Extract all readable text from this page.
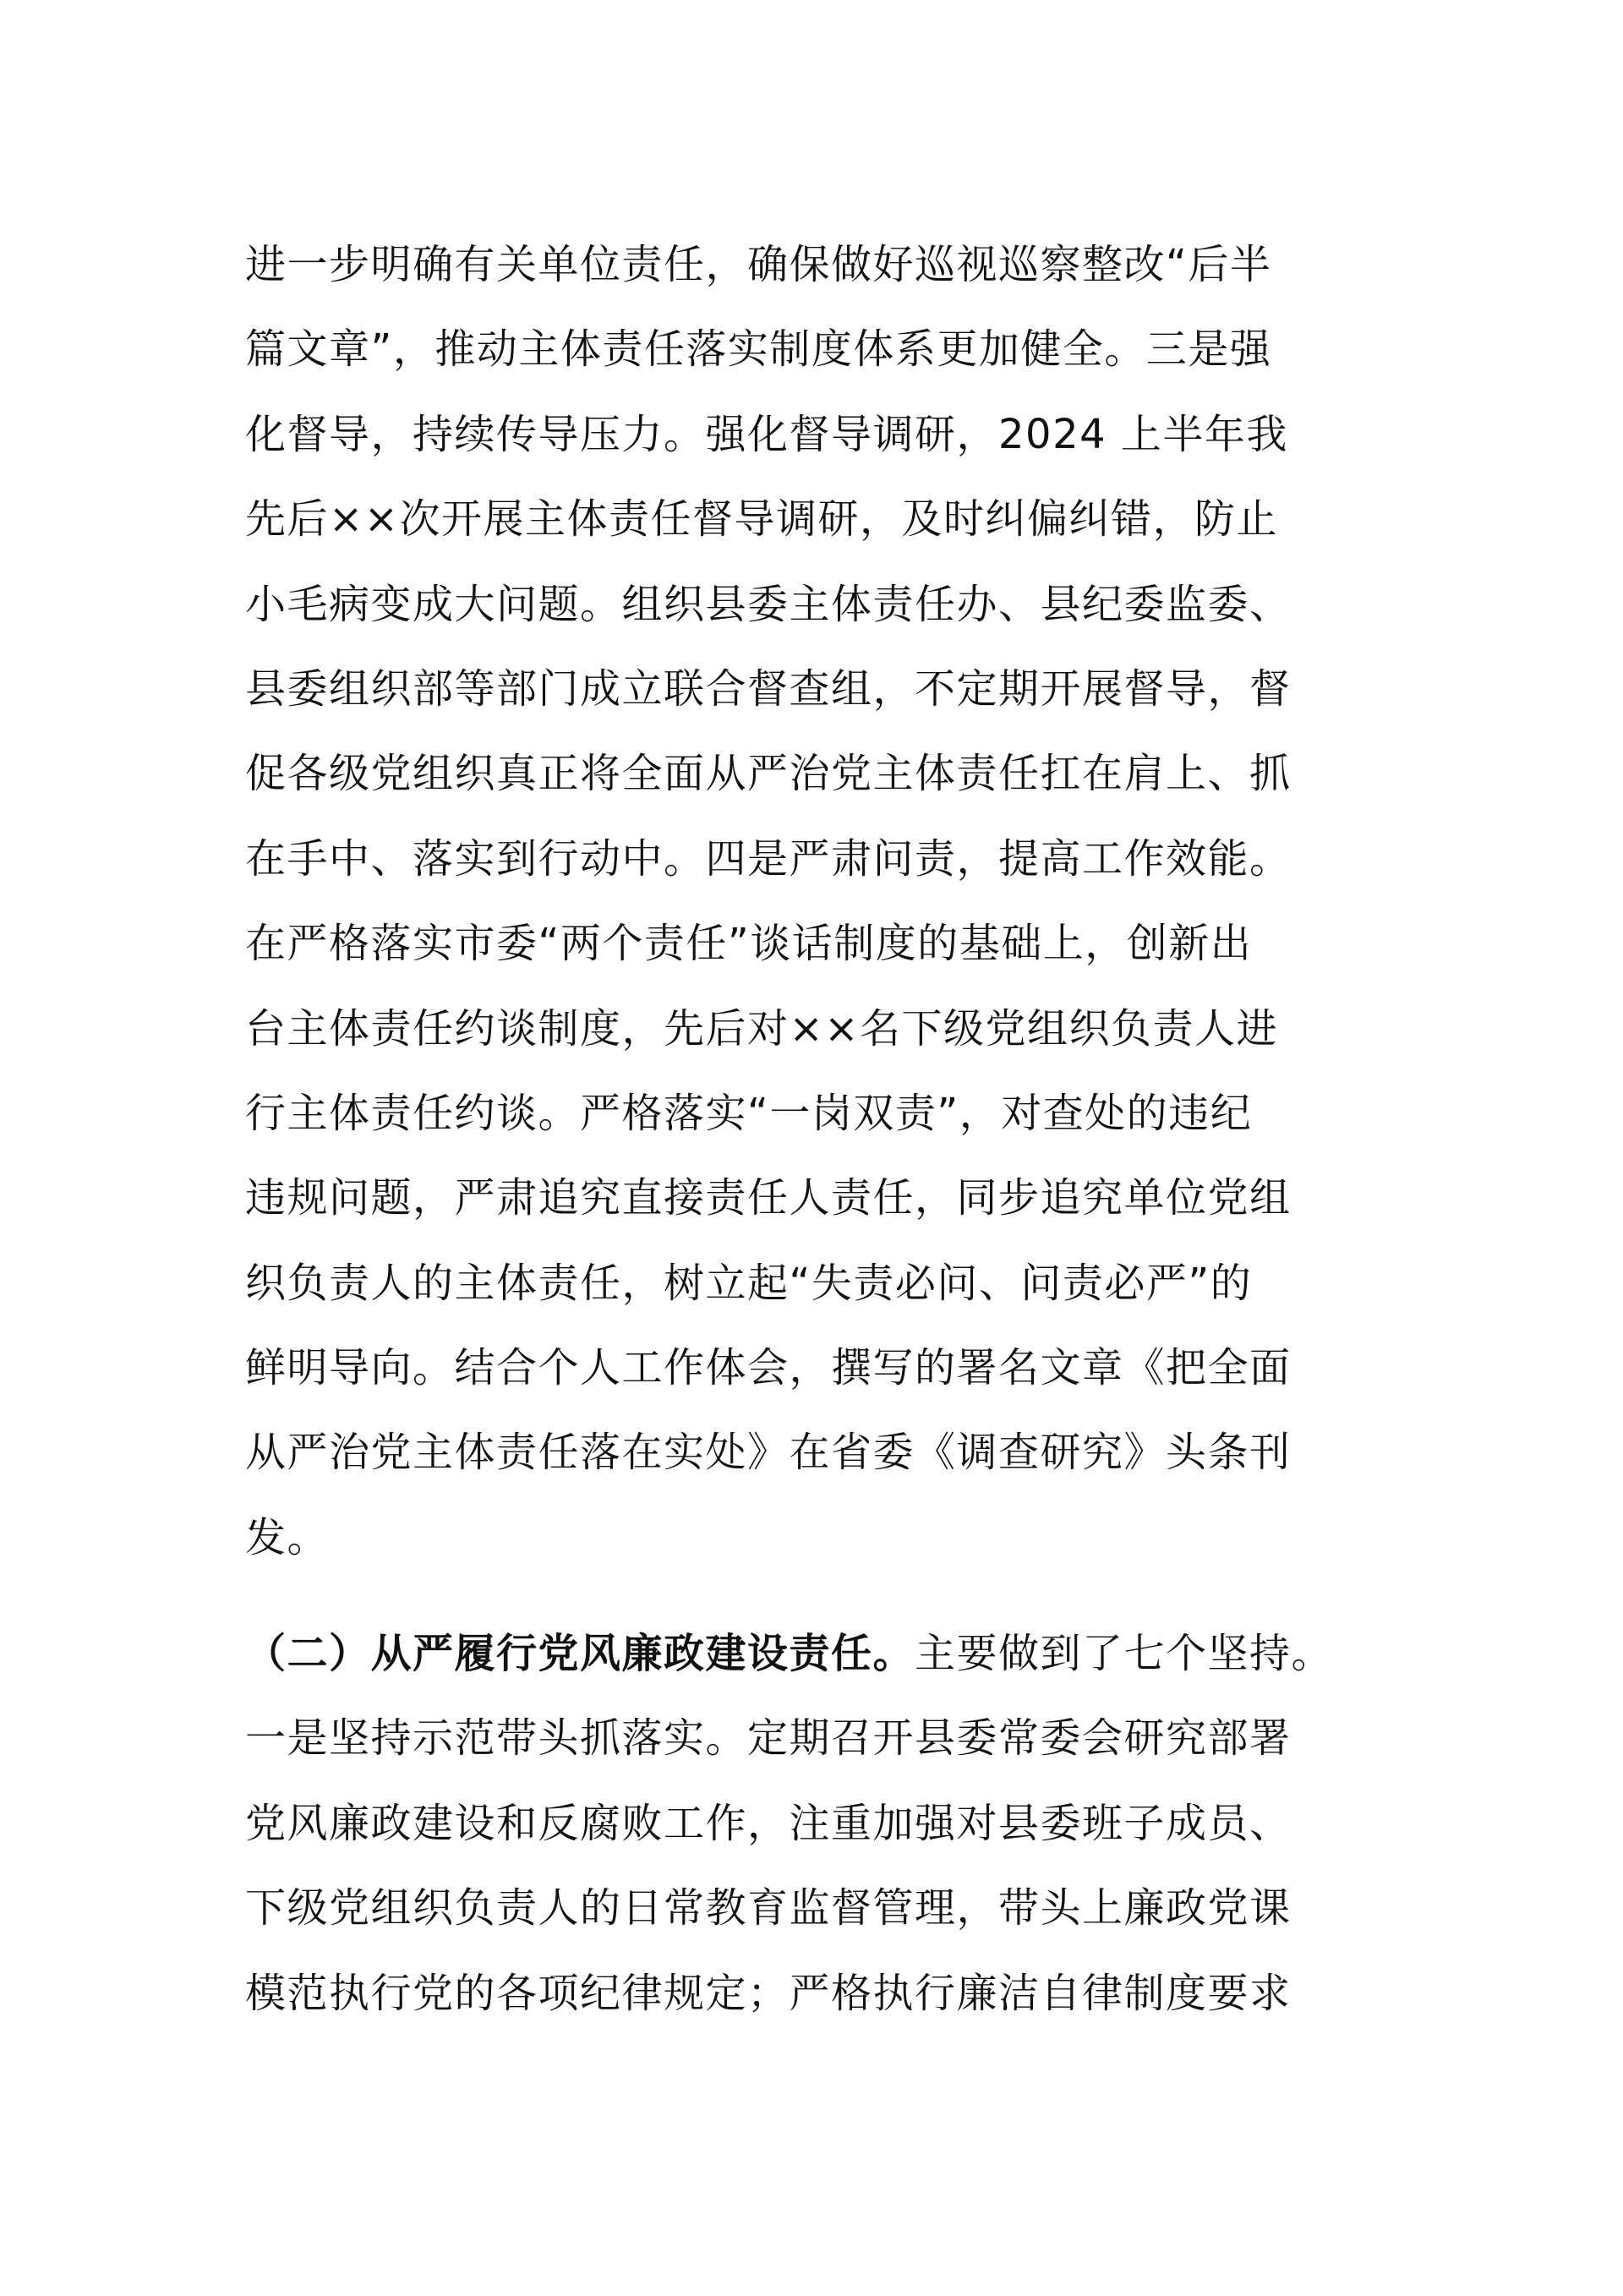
进一步明确有关单位责任，确保做好巡视巡察整改“后半
篇文章”，推动主体责任落实制度体系更加健全。三是强
化督导，持续传导压力。强化督导调研，2024 上半年我
先后××次开展主体责任督导调研，及时纠偏纠错，防止
小毛病变成大问题。组织县委主体责任办、县纪委监委、
县委组织部等部门成立联合督查组，不定期开展督导，督
促各级党组织真正将全面从严治党主体责任扛在肩上、抓
在手中、落实到行动中。四是严肃问责，提高工作效能。
在严格落实市委“两个责任”谈话制度的基础上，创新出
台主体责任约谈制度，先后对××名下级党组织负责人进
行主体责任约谈。严格落实“一岗双责”，对查处的违纪
违规问题，严肃追究直接责任人责任，同步追究单位党组
织负责人的主体责任，树立起“失责必问、问责必严”的
鲜明导向。结合个人工作体会，撰写的署名文章《把全面
从严治党主体责任落在实处》在省委《调查研究》头条刊
发。
（二）从严履行党风廉政建设责任。主要做到了七个坚持。
一是坚持示范带头抓落实。定期召开县委常委会研究部署
党风廉政建设和反腐败工作，注重加强对县委班子成员、
下级党组织负责人的日常教育监督管理，带头上廉政党课
模范执行党的各项纪律规定；严格执行廉洁自律制度要求
